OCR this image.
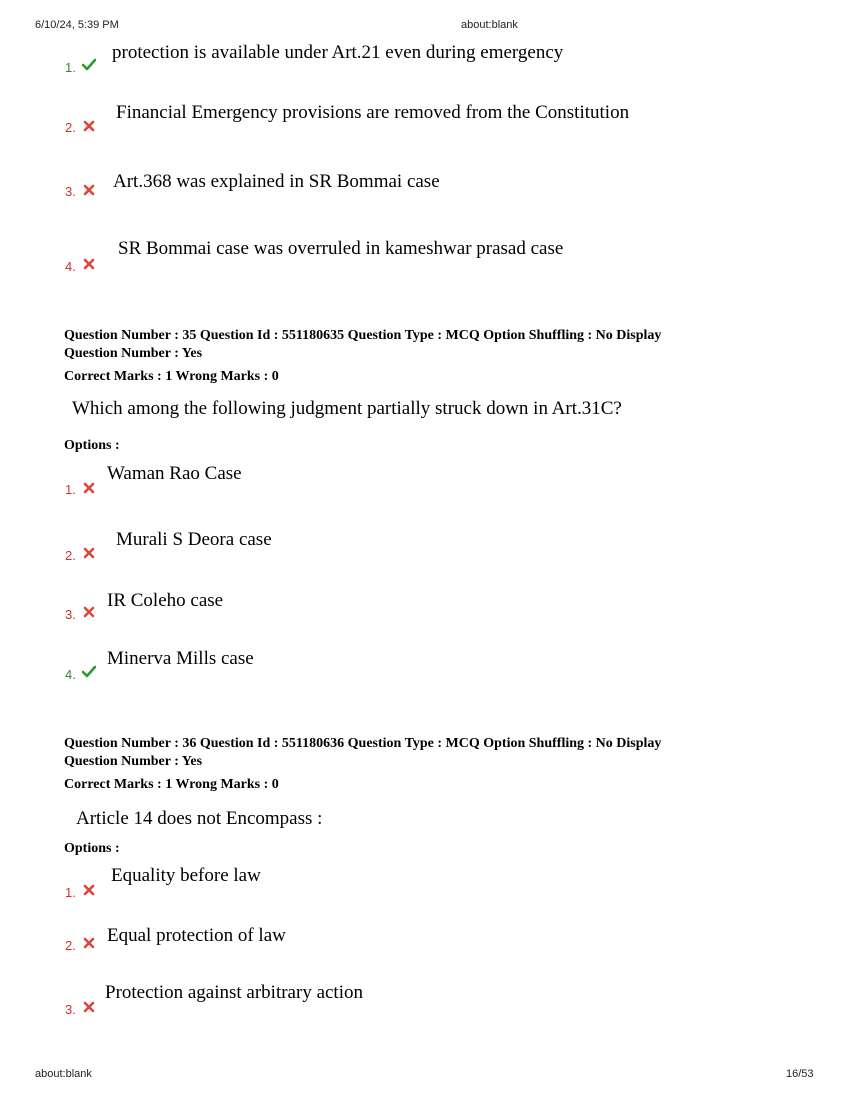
6/10/24, 5:39 PM	about:blank
1.
protection is available under Art.21 even during emergency
2.
Financial Emergency provisions are removed from the Constitution
3. Art.368 was explained in SR Bommai case
4.
SR Bommai case was overruled in kameshwar prasad case
Question Number : 35 Question Id : 551180635 Question Type : MCQ Option Shuffling : No Display
Question Number : Yes
Correct Marks : 1 Wrong Marks : 0
Which among the following judgment partially struck down in Art.31C?
Options :
1.
Waman Rao Case
2.
Murali S Deora case
3.
IR Coleho case
4.
Minerva Mills case
Question Number : 36 Question Id : 551180636 Question Type : MCQ Option Shuffling : No Display
Question Number : Yes
Correct Marks : 1 Wrong Marks : 0
Article 14 does not Encompass :
Options :
1.
Equality before law
2. Equal protection of law
3.
Protection against arbitrary action
about:blank	16/53
